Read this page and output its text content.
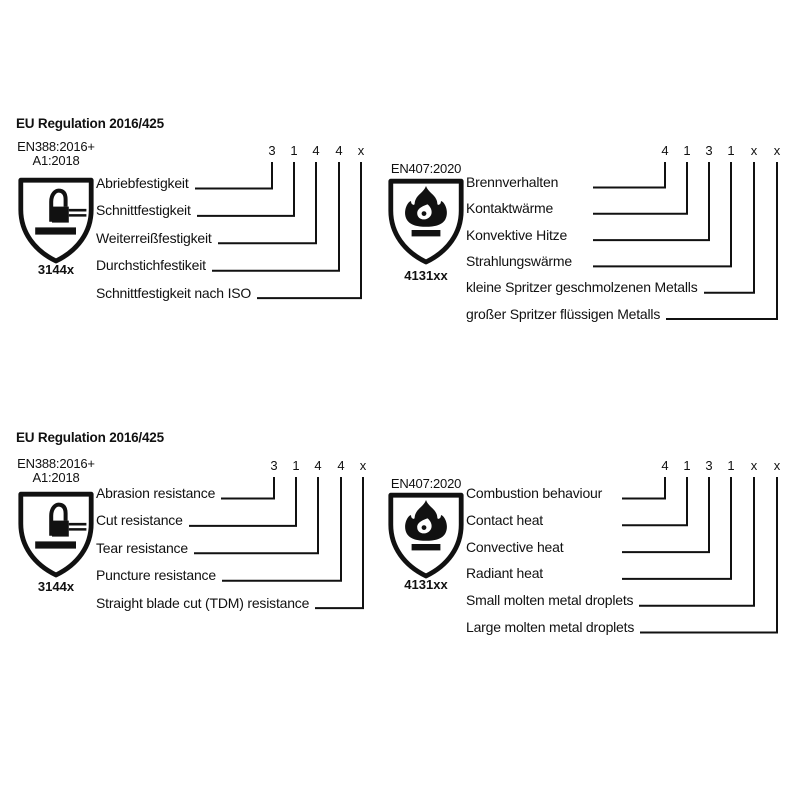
EU Regulation 2016/425
EN388:2016+
A1:2018
3144x
3 1 4 4 x
Abriebfestigkeit
Schnittfestigkeit
Weiterreißfestigkeit
Durchstichfestikeit
Schnittfestigkeit nach ISO
EN407:2020
4131xx
4 1 3 1 x x
Brennverhalten
Kontaktwärme
Konvektive Hitze
Strahlungswärme
kleine Spritzer geschmolzenen Metalls
großer Spritzer flüssigen Metalls
EU Regulation 2016/425
EN388:2016+
A1:2018
3144x
3 1 4 4 x
Abrasion resistance
Cut resistance
Tear resistance
Puncture resistance
Straight blade cut (TDM) resistance
EN407:2020
4131xx
4 1 3 1 x x
Combustion behaviour
Contact heat
Convective heat
Radiant heat
Small molten metal droplets
Large molten metal droplets
